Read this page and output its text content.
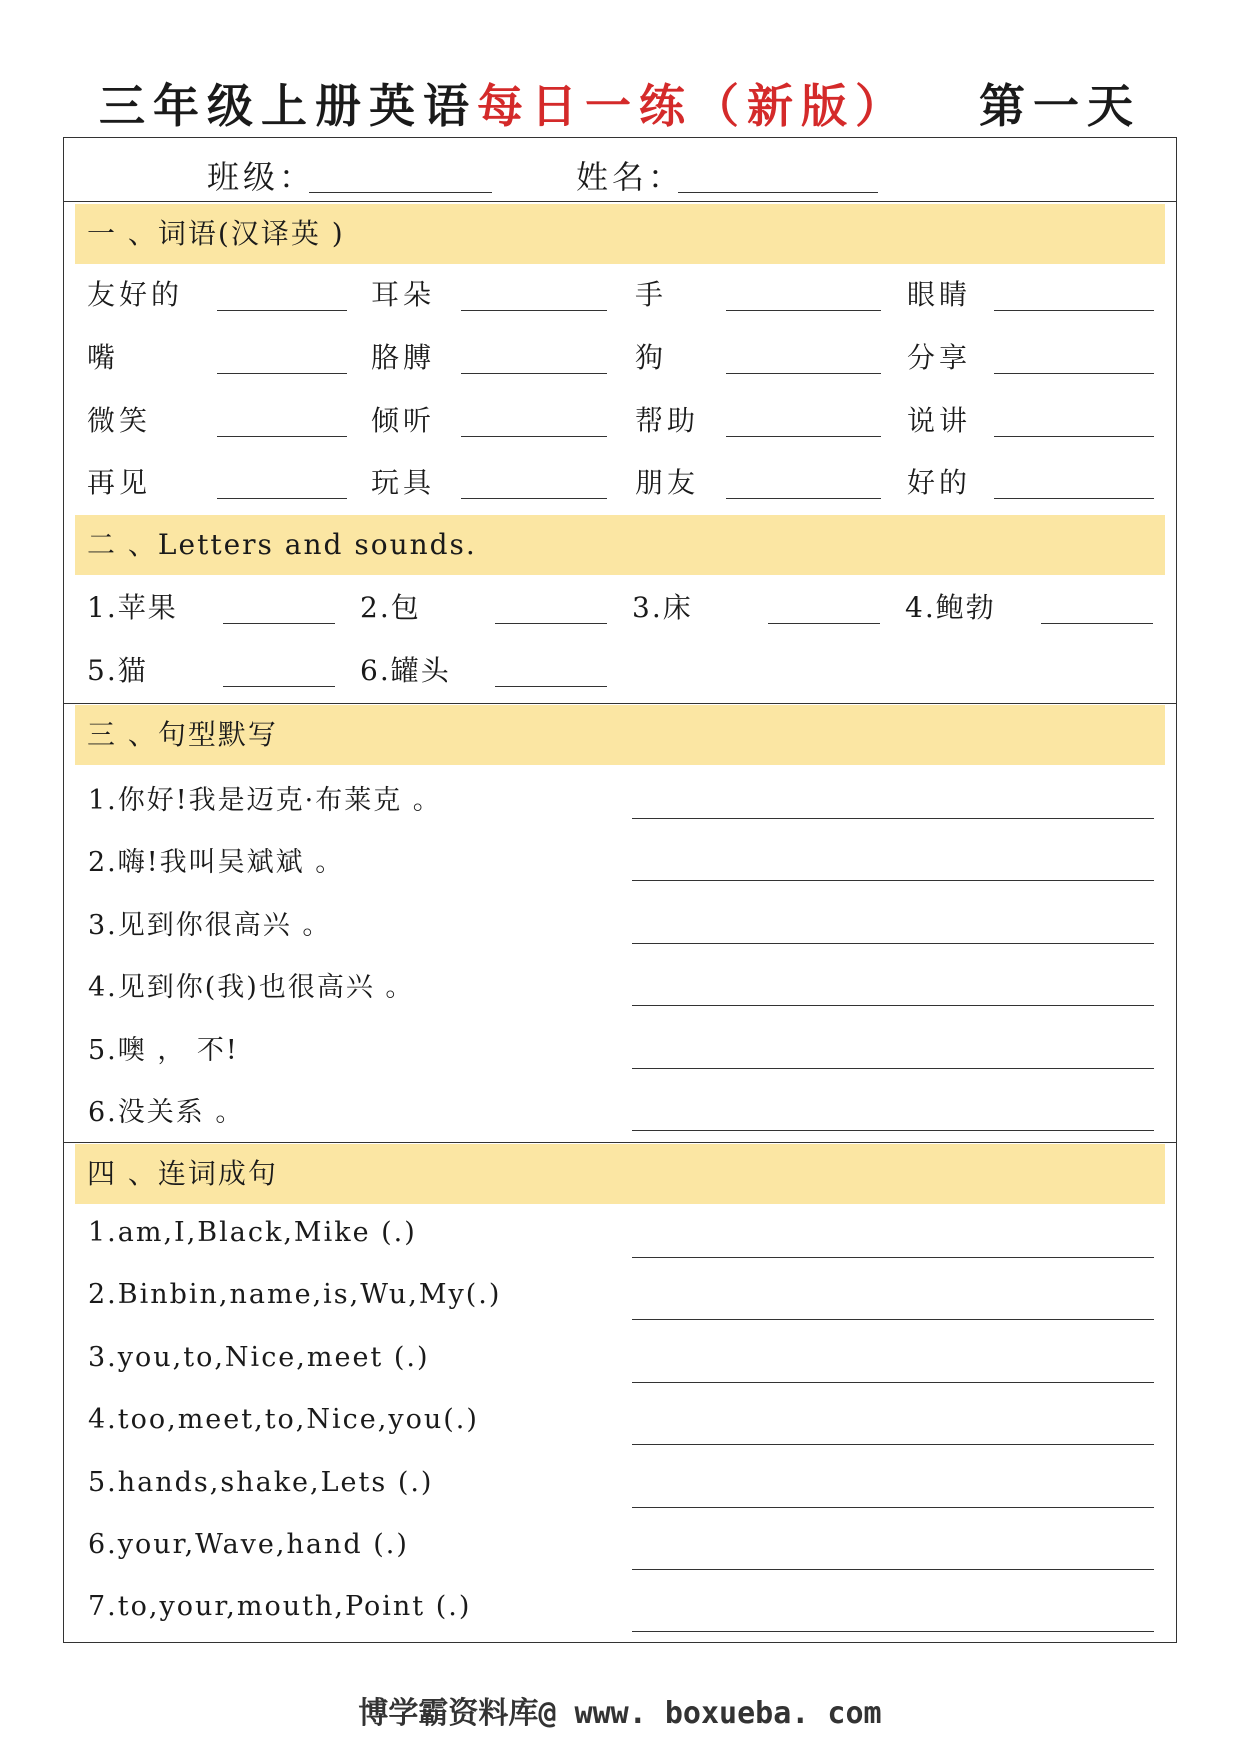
三年级上册英语每日一练（新版） 第一天
班级：	姓名：
一 、词语(汉译英 )
友好的	耳朵	手	眼睛
嘴	胳膊	狗	分享
微笑	倾听	帮助	说讲
再见	玩具	朋友	好的
二 、Letters and sounds.
1.苹果	2.包	3.床	4.鲍勃
5.猫	6.罐头
三 、句型默写
1.你好!我是迈克·布莱克 。
2.嗨!我叫吴斌斌 。
3.见到你很高兴 。
4.见到你(我)也很高兴 。
5.噢 ， 不!
6.没关系 。
四 、连词成句
1.am,I,Black,Mike (.)
2.Binbin,name,is,Wu,My(.)
3.you,to,Nice,meet (.)
4.too,meet,to,Nice,you(.)
5.hands,shake,Lets (.)
6.your,Wave,hand (.)
7.to,your,mouth,Point (.)
博学霸资料库@ www. boxueba. com
